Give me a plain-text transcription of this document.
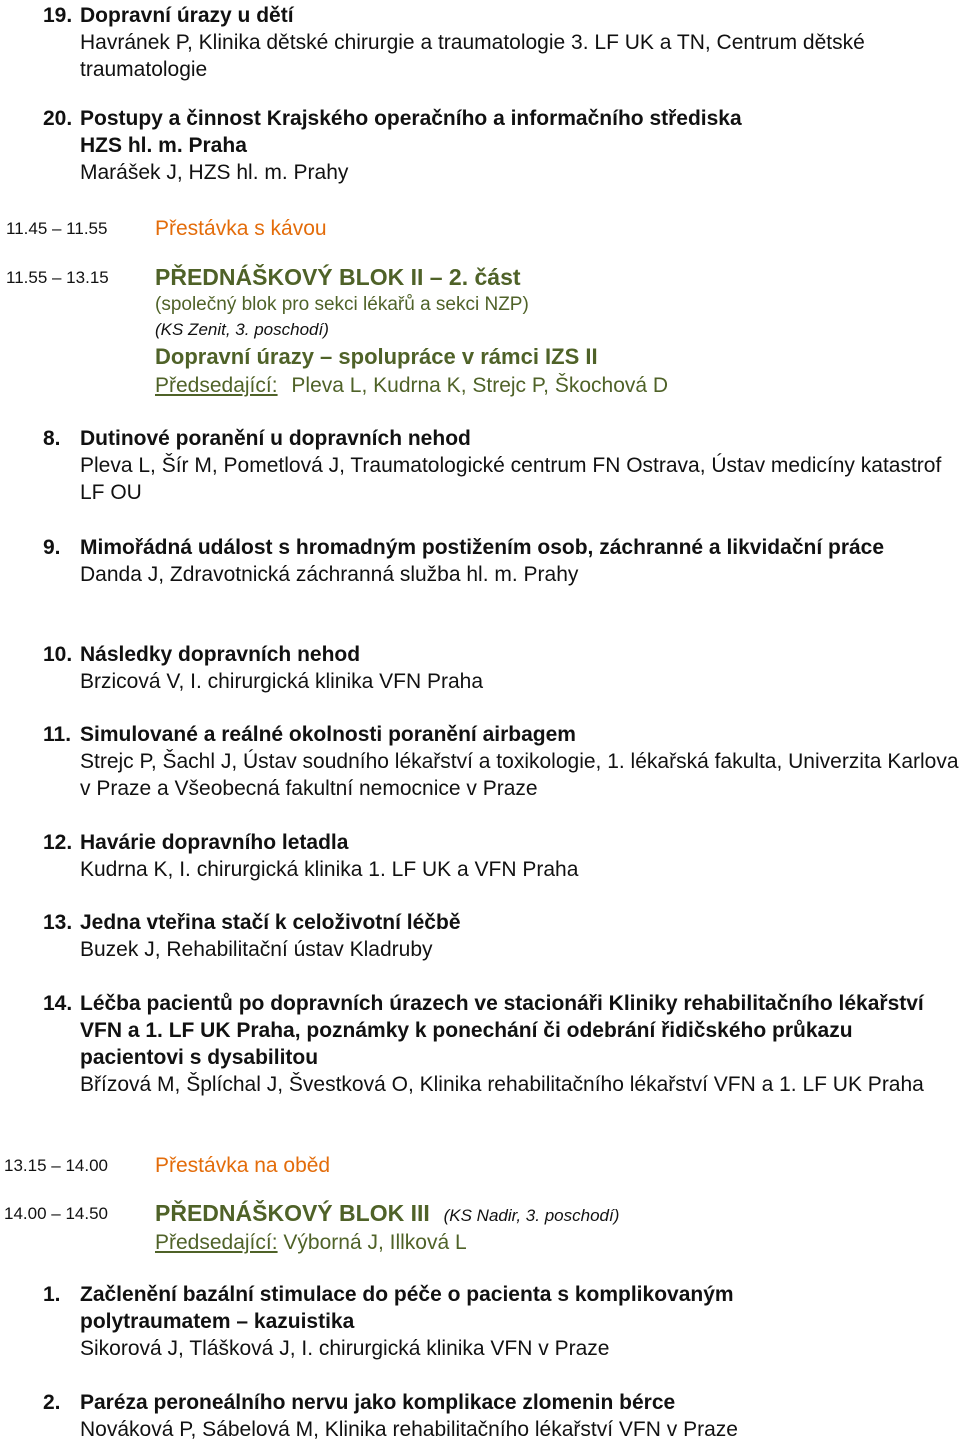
19. Dopravní úrazy u dětí
Havránek P, Klinika dětské chirurgie a traumatologie 3. LF UK a TN, Centrum dětské traumatologie
20. Postupy a činnost Krajského operačního a informačního střediska HZS hl. m. Praha
Marášek J, HZS hl. m. Prahy
11.45 – 11.55 Přestávka s kávou
11.55 – 13.15 PŘEDNÁŠKOVÝ BLOK II – 2. část
(společný blok pro sekci lékařů a sekci NZP)
(KS Zenit, 3. poschodí)
Dopravní úrazy – spolupráce v rámci IZS II
Předsedající: Pleva L, Kudrna K, Strejc P, Škochová D
8. Dutinové poranění u dopravních nehod
Pleva L, Šír M, Pometlová J, Traumatologické centrum FN Ostrava, Ústav medicíny katastrof LF OU
9. Mimořádná událost s hromadným postižením osob, záchranné a likvidační práce
Danda J, Zdravotnická záchranná služba hl. m. Prahy
10. Následky dopravních nehod
Brzicová V, I. chirurgická klinika VFN Praha
11. Simulované a reálné okolnosti poranění airbagem
Strejc P, Šachl J, Ústav soudního lékařství a toxikologie, 1. lékařská fakulta, Univerzita Karlova v Praze a Všeobecná fakultní nemocnice v Praze
12. Havárie dopravního letadla
Kudrna K, I. chirurgická klinika 1. LF UK a VFN Praha
13. Jedna vteřina stačí k celoživotní léčbě
Buzek J, Rehabilitační ústav Kladruby
14. Léčba pacientů po dopravních úrazech ve stacionáři Kliniky rehabilitačního lékařství VFN a 1. LF UK Praha, poznámky k ponechání či odebrání řidičského průkazu pacientovi s dysabilitou
Břízová M, Šplíchal J, Švestková O, Klinika rehabilitačního lékařství VFN a 1. LF UK Praha
13.15 – 14.00 Přestávka na oběd
14.00 – 14.50 PŘEDNÁŠKOVÝ BLOK III (KS Nadir, 3. poschodí)
Předsedající: Výborná J, Illková L
1. Začlenění bazální stimulace do péče o pacienta s komplikovaným polytraumatem – kazuistika
Sikorová J, Tlášková J, I. chirurgická klinika VFN v Praze
2. Paréza peroneálního nervu jako komplikace zlomenin bérce
Nováková P, Sábelová M, Klinika rehabilitačního lékařství VFN v Praze
